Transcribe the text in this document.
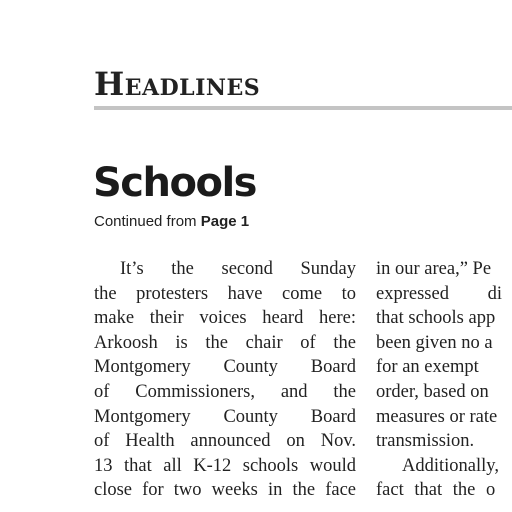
Headlines
Schools
Continued from Page 1
It’s the second Sunday
the protesters have come to
make their voices heard here:
Arkoosh is the chair of the
Montgomery County Board
of Commissioners, and the
Montgomery County Board
of Health announced on Nov.
13 that all K-12 schools would
close for two weeks in the face
in our area,” Pe
expressed di
that schools app
been given no a
for an exempt
order, based on
measures or rate
transmission.
Additionally,
fact that the o
